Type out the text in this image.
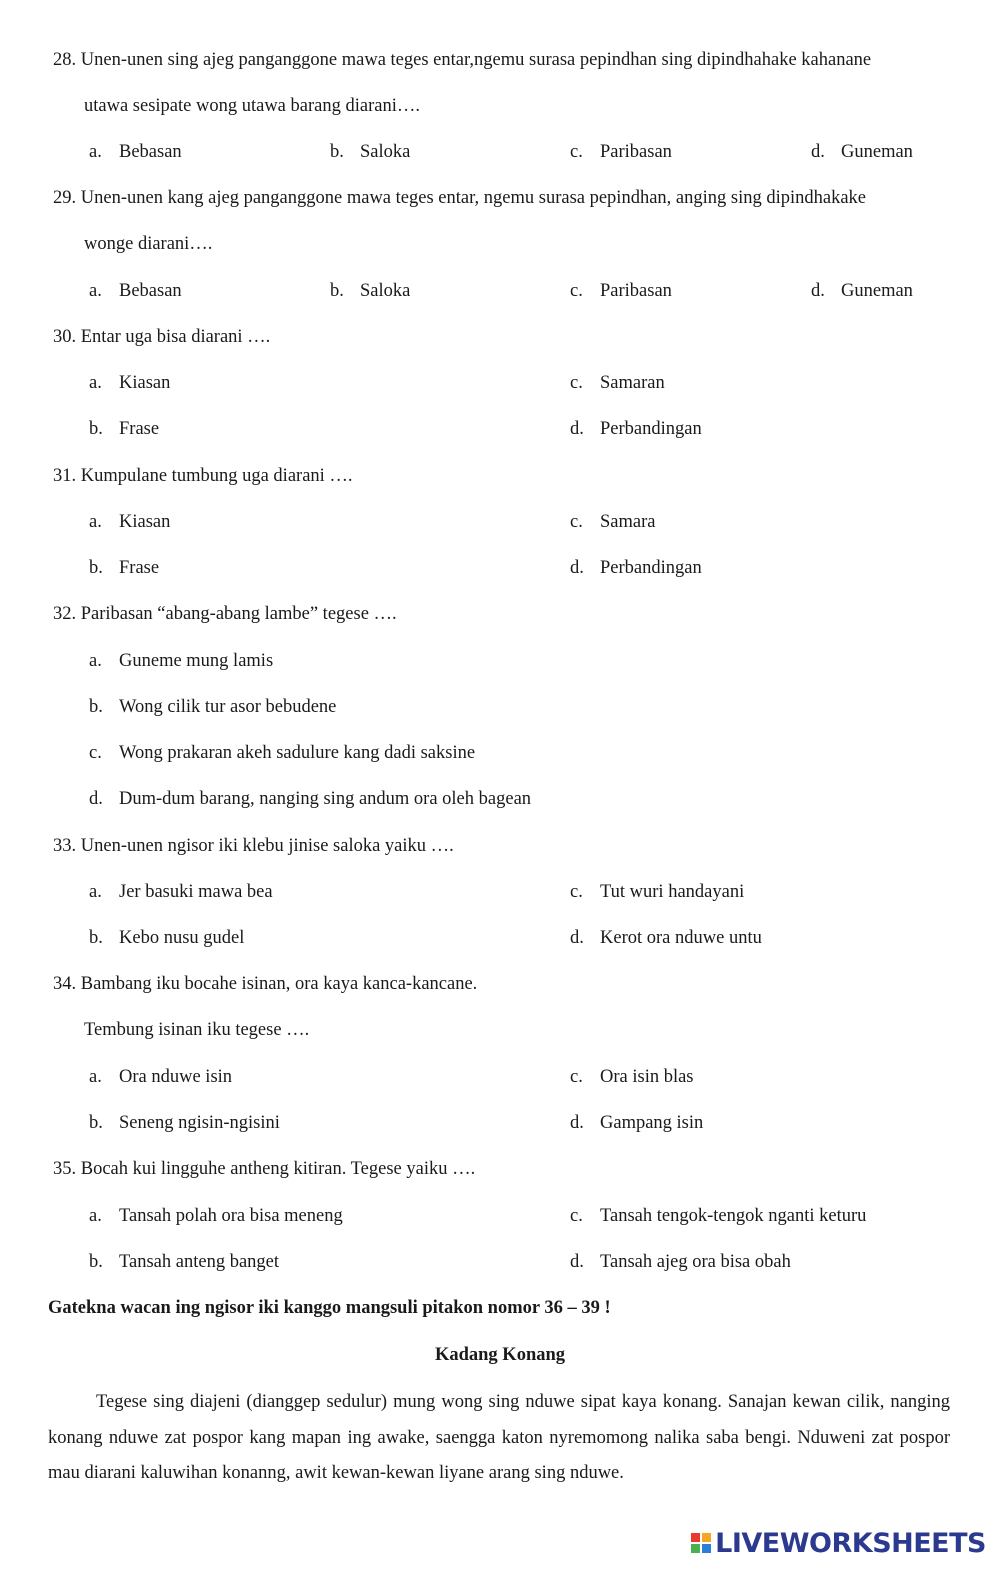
28. Unen-unen sing ajeg panganggone mawa teges entar,ngemu surasa pepindhan sing dipindhahake kahanane
utawa sesipate wong utawa barang diarani….
a. Bebasan	b. Saloka	c. Paribasan	d. Guneman
29. Unen-unen kang ajeg panganggone mawa teges entar, ngemu surasa pepindhan, anging sing dipindhakake
wonge diarani….
a. Bebasan	b. Saloka	c. Paribasan	d. Guneman
30. Entar uga bisa diarani ….
a. Kiasan	c. Samaran
b. Frase	d. Perbandingan
31. Kumpulane tumbung uga diarani ….
a. Kiasan	c. Samara
b. Frase	d. Perbandingan
32. Paribasan “abang-abang lambe” tegese ….
a. Guneme mung lamis
b. Wong cilik tur asor bebudene
c. Wong prakaran akeh sadulure kang dadi saksine
d. Dum-dum barang, nanging sing andum ora oleh bagean
33. Unen-unen ngisor iki klebu jinise saloka yaiku ….
a. Jer basuki mawa bea	c. Tut wuri handayani
b. Kebo nusu gudel	d. Kerot ora nduwe untu
34. Bambang iku bocahe isinan, ora kaya kanca-kancane.
Tembung isinan iku tegese ….
a. Ora nduwe isin	c. Ora isin blas
b. Seneng ngisin-ngisini	d. Gampang isin
35. Bocah kui lingguhe antheng kitiran. Tegese yaiku ….
a. Tansah polah ora bisa meneng	c. Tansah tengok-tengok nganti keturu
b. Tansah anteng banget	d. Tansah ajeg ora bisa obah
Gatekna wacan ing ngisor iki kanggo mangsuli pitakon nomor 36 – 39 !
Kadang Konang
Tegese sing diajeni (dianggep sedulur) mung wong sing nduwe sipat kaya konang. Sanajan kewan cilik, nanging konang nduwe zat pospor kang mapan ing awake, saengga katon nyremomong nalika saba bengi. Nduweni zat pospor mau diarani kaluwihan konanng, awit kewan-kewan liyane arang sing nduwe.
LIVEWORKSHEETS
